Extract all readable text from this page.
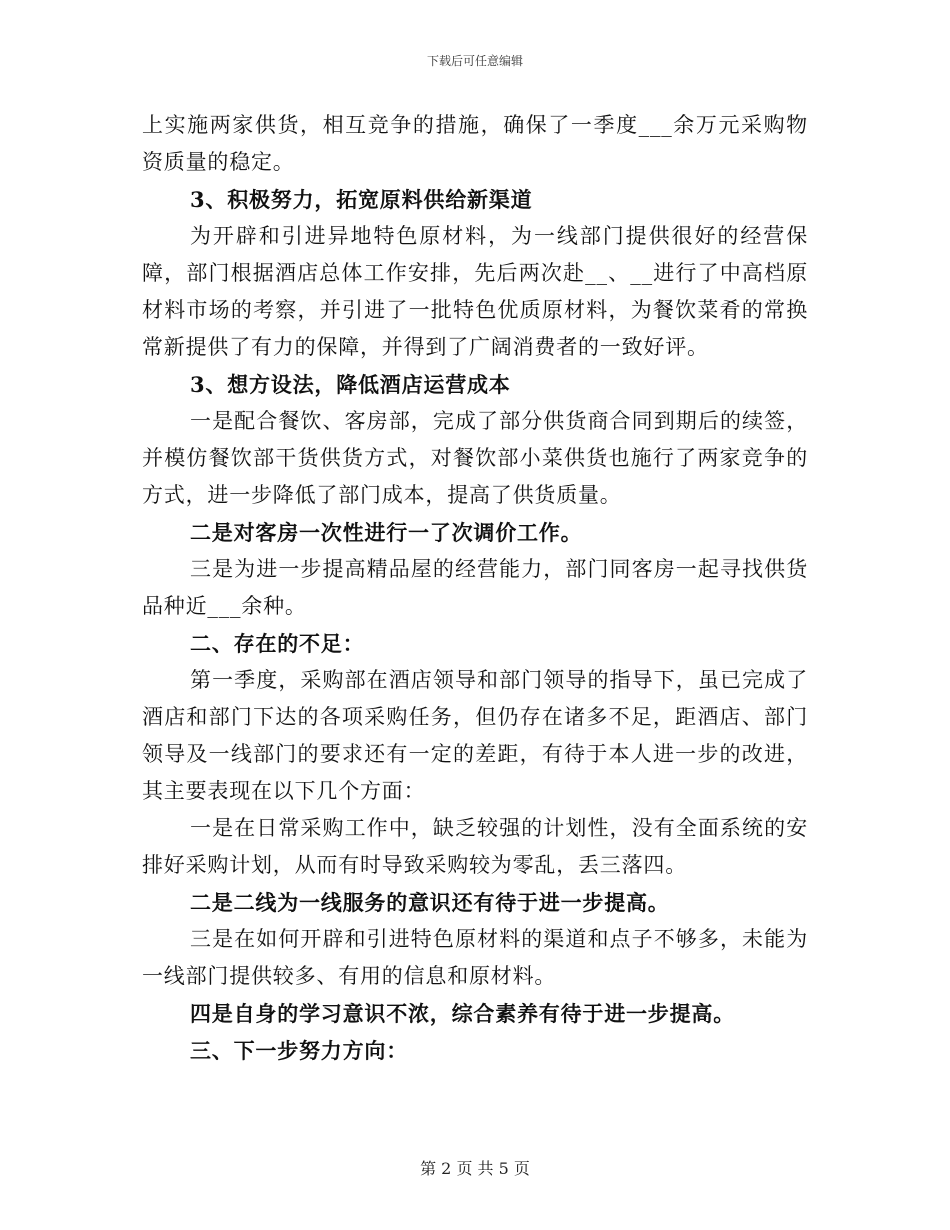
下载后可任意编辑

上实施两家供货，相互竞争的措施，确保了一季度___余万元采购物资质量的稳定。

3、积极努力，拓宽原料供给新渠道

为开辟和引进异地特色原材料，为一线部门提供很好的经营保障，部门根据酒店总体工作安排，先后两次赴__、__进行了中高档原材料市场的考察，并引进了一批特色优质原材料，为餐饮菜肴的常换常新提供了有力的保障，并得到了广阔消费者的一致好评。

3、想方设法，降低酒店运营成本

一是配合餐饮、客房部，完成了部分供货商合同到期后的续签，并模仿餐饮部干货供货方式，对餐饮部小菜供货也施行了两家竞争的方式，进一步降低了部门成本，提高了供货质量。

二是对客房一次性进行一了次调价工作。

三是为进一步提高精品屋的经营能力，部门同客房一起寻找供货品种近___余种。

二、存在的不足：

第一季度，采购部在酒店领导和部门领导的指导下，虽已完成了酒店和部门下达的各项采购任务，但仍存在诸多不足，距酒店、部门领导及一线部门的要求还有一定的差距，有待于本人进一步的改进，其主要表现在以下几个方面：

一是在日常采购工作中，缺乏较强的计划性，没有全面系统的安排好采购计划，从而有时导致采购较为零乱，丢三落四。

二是二线为一线服务的意识还有待于进一步提高。

三是在如何开辟和引进特色原材料的渠道和点子不够多，未能为一线部门提供较多、有用的信息和原材料。

四是自身的学习意识不浓，综合素养有待于进一步提高。

三、下一步努力方向：

第 2 页 共 5 页
